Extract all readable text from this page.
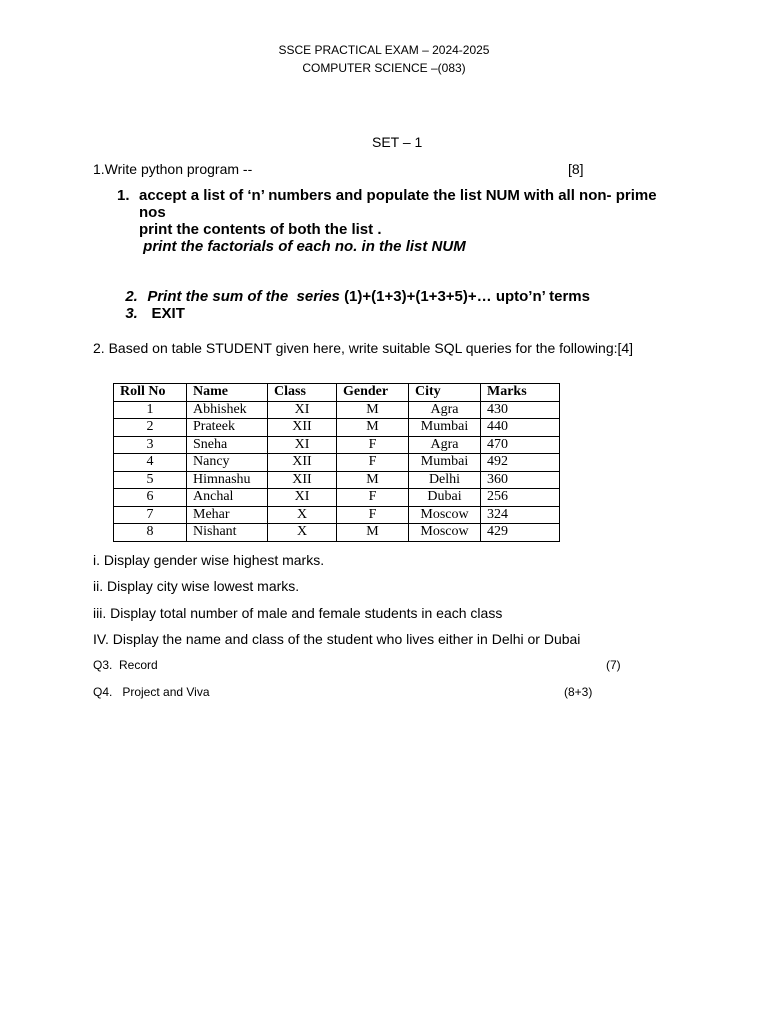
SSCE PRACTICAL EXAM – 2024-2025
COMPUTER SCIENCE –(083)
SET – 1
1.Write python program --	[8]
1. accept a list of ‘n’ numbers and populate the list NUM with all non- prime
nos
print the contents of both the list .
print the factorials of each no. in the list NUM

2. Print the sum of the  series (1)+(1+3)+(1+3+5)+… upto’n’ terms

3. EXIT

2. Based on table STUDENT given here, write suitable SQL queries for the following:[4]
Roll No	Name	Class	Gender	City	Marks
1	Abhishek	XI	M	Agra	430
2	Prateek	XII	M	Mumbai	440
3	Sneha	XI	F	Agra	470
4	Nancy	XII	F	Mumbai	492
5	Himnashu	XII	M	Delhi	360
6	Anchal	XI	F	Dubai	256
7	Mehar	X	F	Moscow	324
8	Nishant	X	M	Moscow	429
i. Display gender wise highest marks.
ii. Display city wise lowest marks.
iii. Display total number of male and female students in each class
IV. Display the name and class of the student who lives either in Delhi or Dubai
Q3.  Record	(7)
Q4.   Project and Viva	(8+3)
